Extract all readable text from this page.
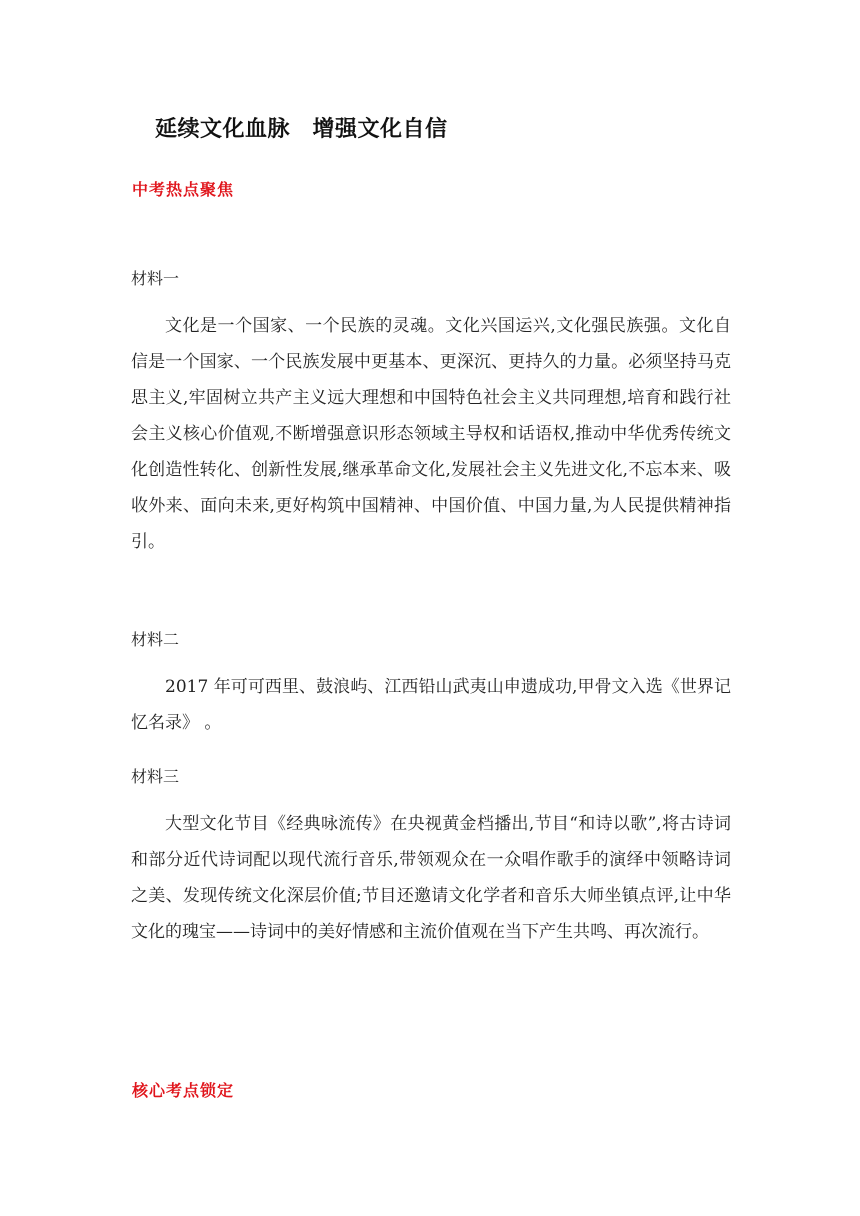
延续文化血脉　增强文化自信
中考热点聚焦
材料一
文化是一个国家、一个民族的灵魂。文化兴国运兴,文化强民族强。文化自信是一个国家、一个民族发展中更基本、更深沉、更持久的力量。必须坚持马克思主义,牢固树立共产主义远大理想和中国特色社会主义共同理想,培育和践行社会主义核心价值观,不断增强意识形态领域主导权和话语权,推动中华优秀传统文化创造性转化、创新性发展,继承革命文化,发展社会主义先进文化,不忘本来、吸收外来、面向未来,更好构筑中国精神、中国价值、中国力量,为人民提供精神指引。
材料二
2017 年可可西里、鼓浪屿、江西铅山武夷山申遗成功,甲骨文入选《世界记忆名录》 。
材料三
大型文化节目《经典咏流传》在央视黄金档播出,节目“和诗以歌”,将古诗词和部分近代诗词配以现代流行音乐,带领观众在一众唱作歌手的演绎中领略诗词之美、发现传统文化深层价值;节目还邀请文化学者和音乐大师坐镇点评,让中华文化的瑰宝——诗词中的美好情感和主流价值观在当下产生共鸣、再次流行。
核心考点锁定
